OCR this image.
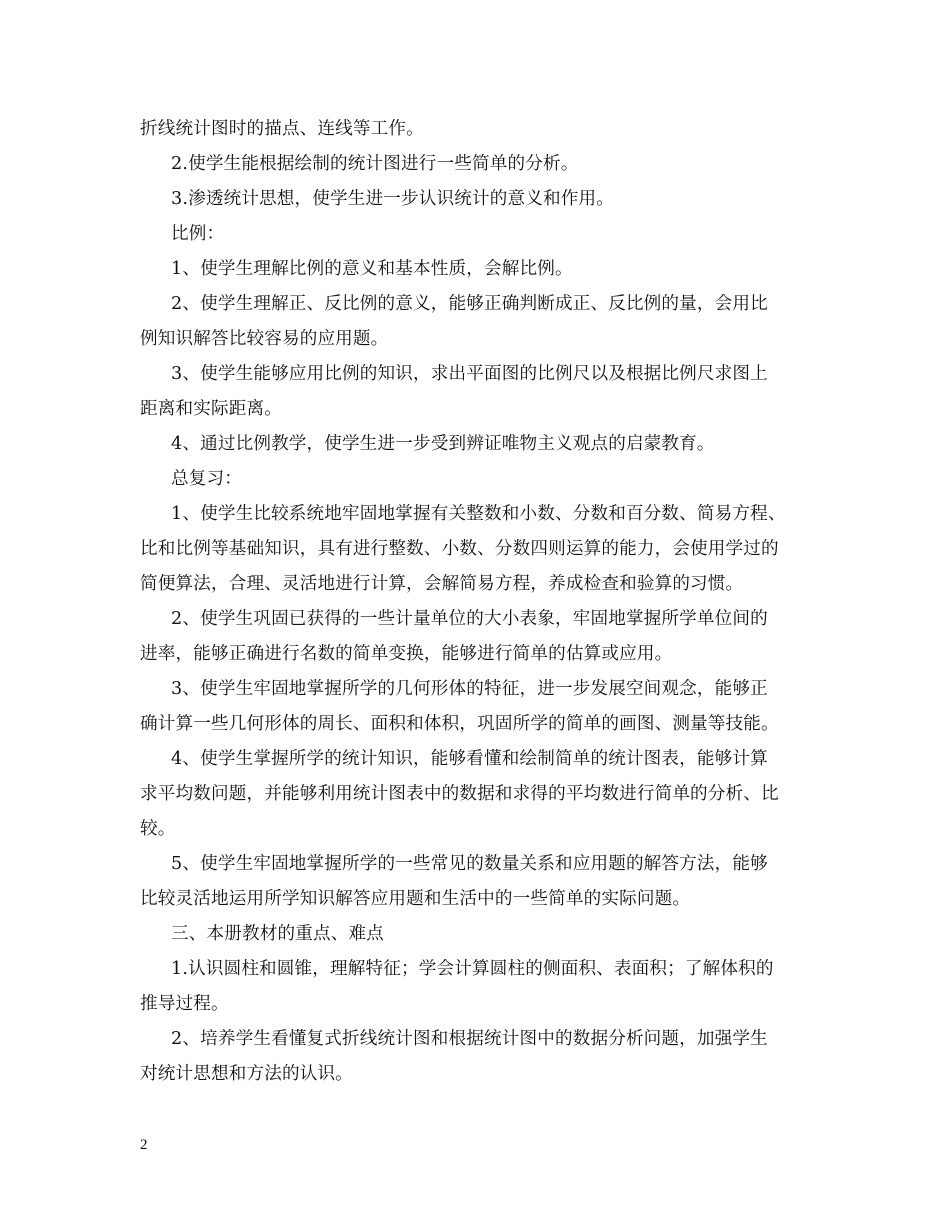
折线统计图时的描点、连线等工作。
2.使学生能根据绘制的统计图进行一些简单的分析。
3.渗透统计思想，使学生进一步认识统计的意义和作用。
比例：
1、使学生理解比例的意义和基本性质，会解比例。
2、使学生理解正、反比例的意义，能够正确判断成正、反比例的量，会用比
例知识解答比较容易的应用题。
3、使学生能够应用比例的知识，求出平面图的比例尺以及根据比例尺求图上
距离和实际距离。
4、通过比例教学，使学生进一步受到辨证唯物主义观点的启蒙教育。
总复习：
1、使学生比较系统地牢固地掌握有关整数和小数、分数和百分数、简易方程、
比和比例等基础知识，具有进行整数、小数、分数四则运算的能力，会使用学过的
简便算法，合理、灵活地进行计算，会解简易方程，养成检查和验算的习惯。
2、使学生巩固已获得的一些计量单位的大小表象，牢固地掌握所学单位间的
进率，能够正确进行名数的简单变换，能够进行简单的估算或应用。
3、使学生牢固地掌握所学的几何形体的特征，进一步发展空间观念，能够正
确计算一些几何形体的周长、面积和体积，巩固所学的简单的画图、测量等技能。
4、使学生掌握所学的统计知识，能够看懂和绘制简单的统计图表，能够计算
求平均数问题，并能够利用统计图表中的数据和求得的平均数进行简单的分析、比
较。
5、使学生牢固地掌握所学的一些常见的数量关系和应用题的解答方法，能够
比较灵活地运用所学知识解答应用题和生活中的一些简单的实际问题。
三、本册教材的重点、难点
1.认识圆柱和圆锥，理解特征；学会计算圆柱的侧面积、表面积；了解体积的
推导过程。
2、培养学生看懂复式折线统计图和根据统计图中的数据分析问题，加强学生
对统计思想和方法的认识。
2
